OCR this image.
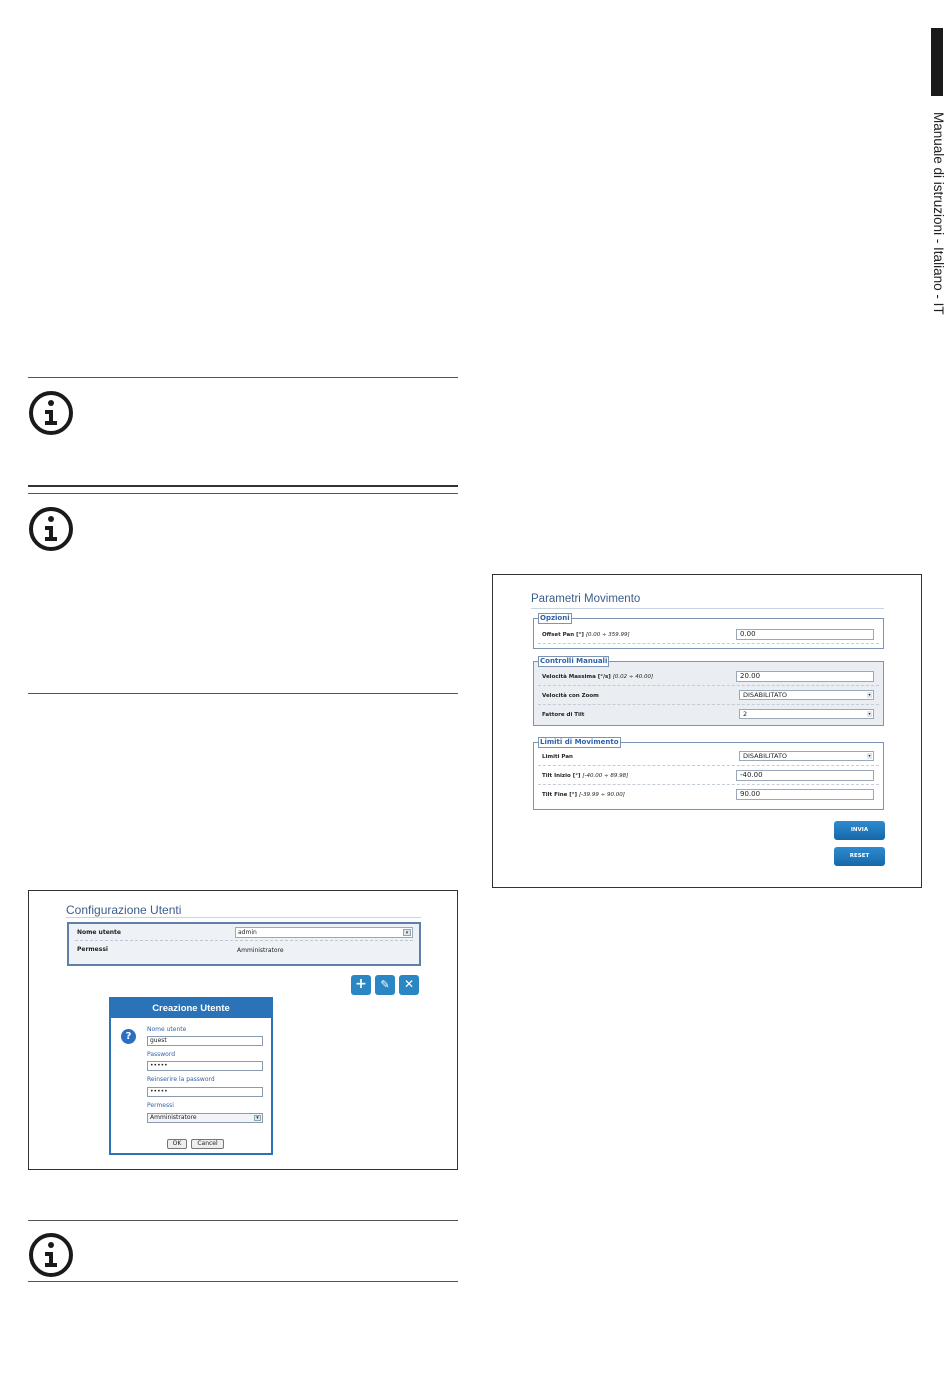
Manuale di istruzioni - Italiano - IT
Configurazione Utenti
Nome utente	admin	▾
Permessi	Amministratore
+	✎	✕
Creazione Utente
?
Nome utente
guest
Password
•••••
Reinserire la password
•••••
Permessi
Amministratore	▾
OK	Cancel
Parametri Movimento
Opzioni
Offset Pan [°] [0.00 ÷ 359.99]	0.00
Controlli Manuali
Velocità Massima [°/s] [0.02 ÷ 40.00]	20.00
Velocità con Zoom	DISABILITATO	▾
Fattore di Tilt	2	▾
Limiti di Movimento
Limiti Pan	DISABILITATO	▾
Tilt Inizio [°] [-40.00 ÷ 89.98]	-40.00
Tilt Fine [°] [-39.99 ÷ 90.00]	90.00
INVIA
RESET
